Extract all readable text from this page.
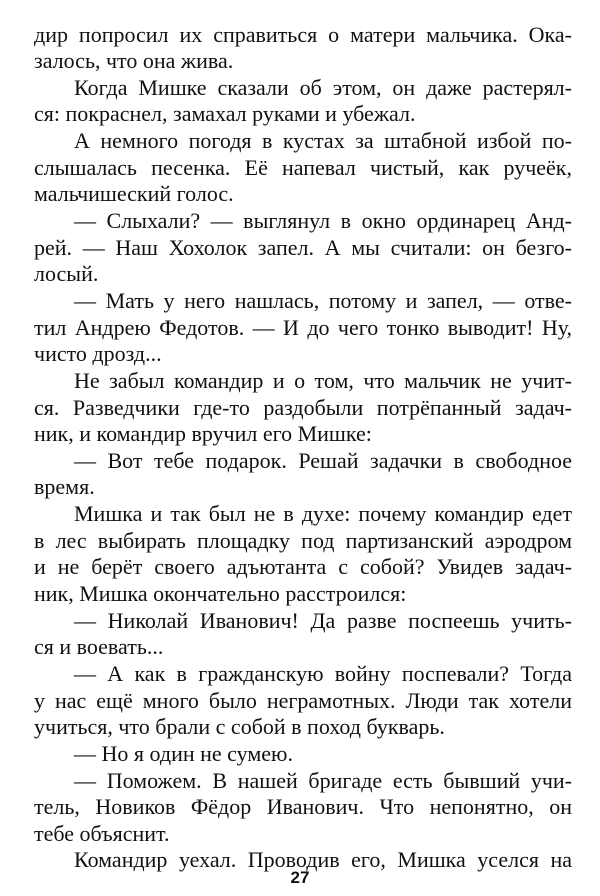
дир попросил их справиться о матери мальчика. Ока-
залось, что она жива.
Когда Мишке сказали об этом, он даже растерял-
ся: покраснел, замахал руками и убежал.
А немного погодя в кустах за штабной избой по-
слышалась песенка. Её напевал чистый, как ручеёк,
мальчишеский голос.
— Слыхали? — выглянул в окно ординарец Анд-
рей. — Наш Хохолок запел. А мы считали: он безго-
лосый.
— Мать у него нашлась, потому и запел, — отве-
тил Андрею Федотов. — И до чего тонко выводит! Ну,
чисто дрозд...
Не забыл командир и о том, что мальчик не учит-
ся. Разведчики где-то раздобыли потрёпанный задач-
ник, и командир вручил его Мишке:
— Вот тебе подарок. Решай задачки в свободное
время.
Мишка и так был не в духе: почему командир едет
в лес выбирать площадку под партизанский аэродром
и не берёт своего адъютанта с собой? Увидев задач-
ник, Мишка окончательно расстроился:
— Николай Иванович! Да разве поспеешь учить-
ся и воевать...
— А как в гражданскую войну поспевали? Тогда
у нас ещё много было неграмотных. Люди так хотели
учиться, что брали с собой в поход букварь.
— Но я один не сумею.
— Поможем. В нашей бригаде есть бывший учи-
тель, Новиков Фёдор Иванович. Что непонятно, он
тебе объяснит.
Командир уехал. Проводив его, Мишка уселся на
27
